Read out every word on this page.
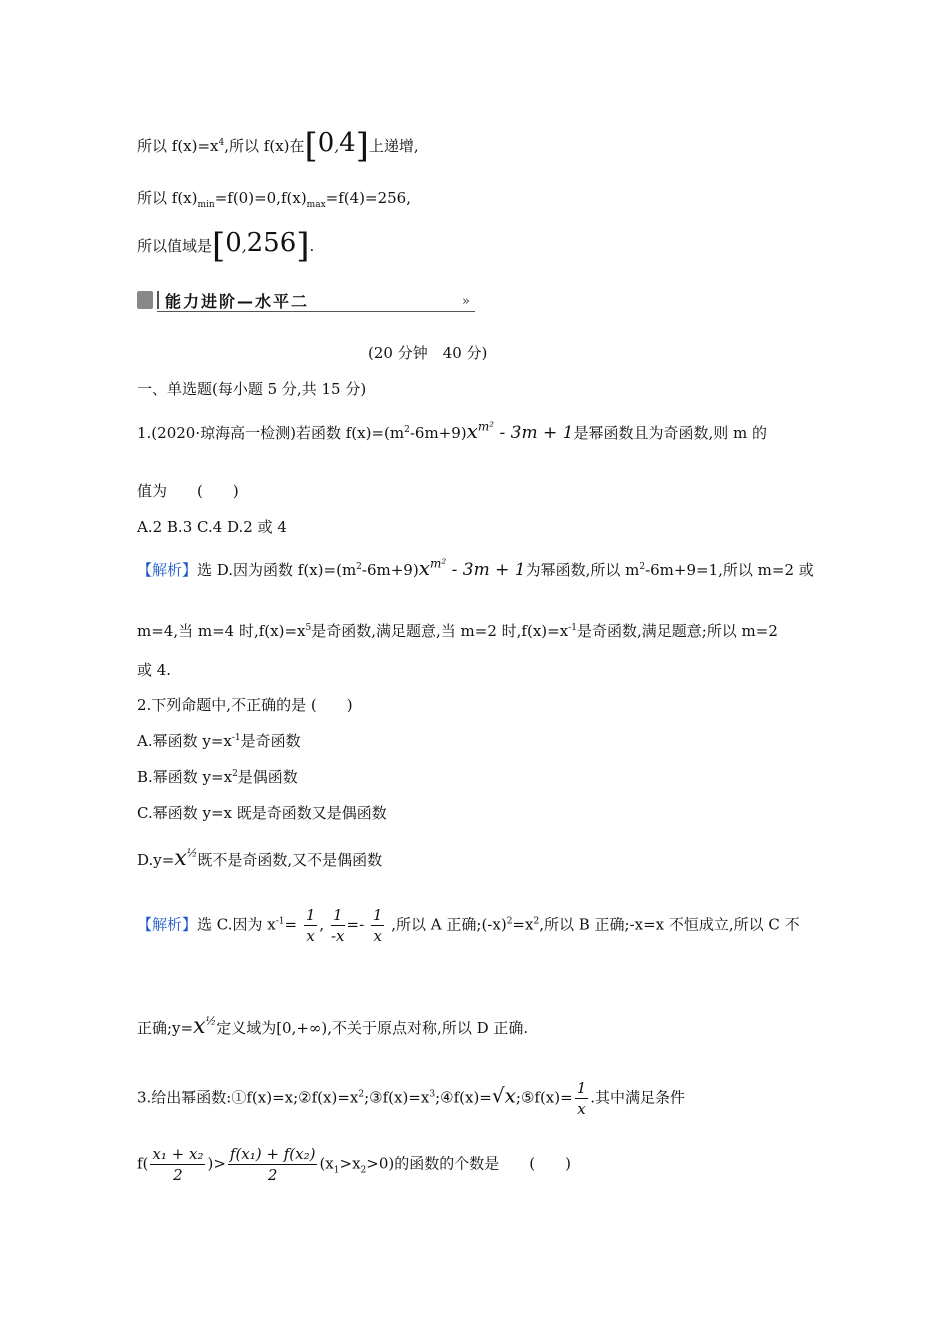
所以 $f(x)=x^4$,所以 f(x)在[0,4]上递增,
所以 $f(x)_{min}=f(0)=0,f(x)_{max}=f(4)=256$,
所以值域是[0,256].
能力进阶—水平二	»
(20 分钟　40 分)
一、单选题(每小题 5 分,共 15 分)
1.(2020·琼海高一检测)若函数 $f(x)=(m^2-6m+9)x^{m^2} - 3m + 1$是幂函数且为奇函数,则 m 的
值为　　(　　)
A.2 B.3 C.4 D.2 或 4
【解析】选 D.因为函数 $f(x)=(m^2-6m+9)x^{m^2} - 3m + 1$为幂函数,所以 $m^2-6m+9=1$,所以 m=2 或
m=4,当 m=4 时$,f(x)=x^5$是奇函数,满足题意,当 m=2 时$,f(x)=x^{-1}$是奇函数,满足题意;所以 m=2
或 4.
2.下列命题中,不正确的是 (　　)
A.幂函数 $y=x^{-1}$是奇函数
B.幂函数 $y=x^2$是偶函数
C.幂函数 y=x 既是奇函数又是偶函数
$D.y=x^{\frac{1}{2}}$既不是奇函数,又不是偶函数
【解析】选 C.因为 $x^{-1}= \frac{1}{x}$ , $\frac{1}{-x} =- \frac{1}{x}$ ,所以 A 正确$;(-x)^2=x^2$,所以 B 正确;-x=x 不恒成立,所以 C 不
正确$;y=x^{\frac{1}{2}}$定义域为[0,+∞),不关于原点对称,所以 D 正确.
3.给出幂函数$:①f(x)=x;②f(x)=x^2;③f(x)=x^3;④f(x)=√x;⑤f(x)= \frac{1}{x}$ .其中满足条件
$f( \frac{\text{x₁ + x₂}}{2}$ )> $\frac{\text{f(x₁) + f(x₂)}}{2} (x_1>x_2>0)$的函数的个数是　　(　　)
